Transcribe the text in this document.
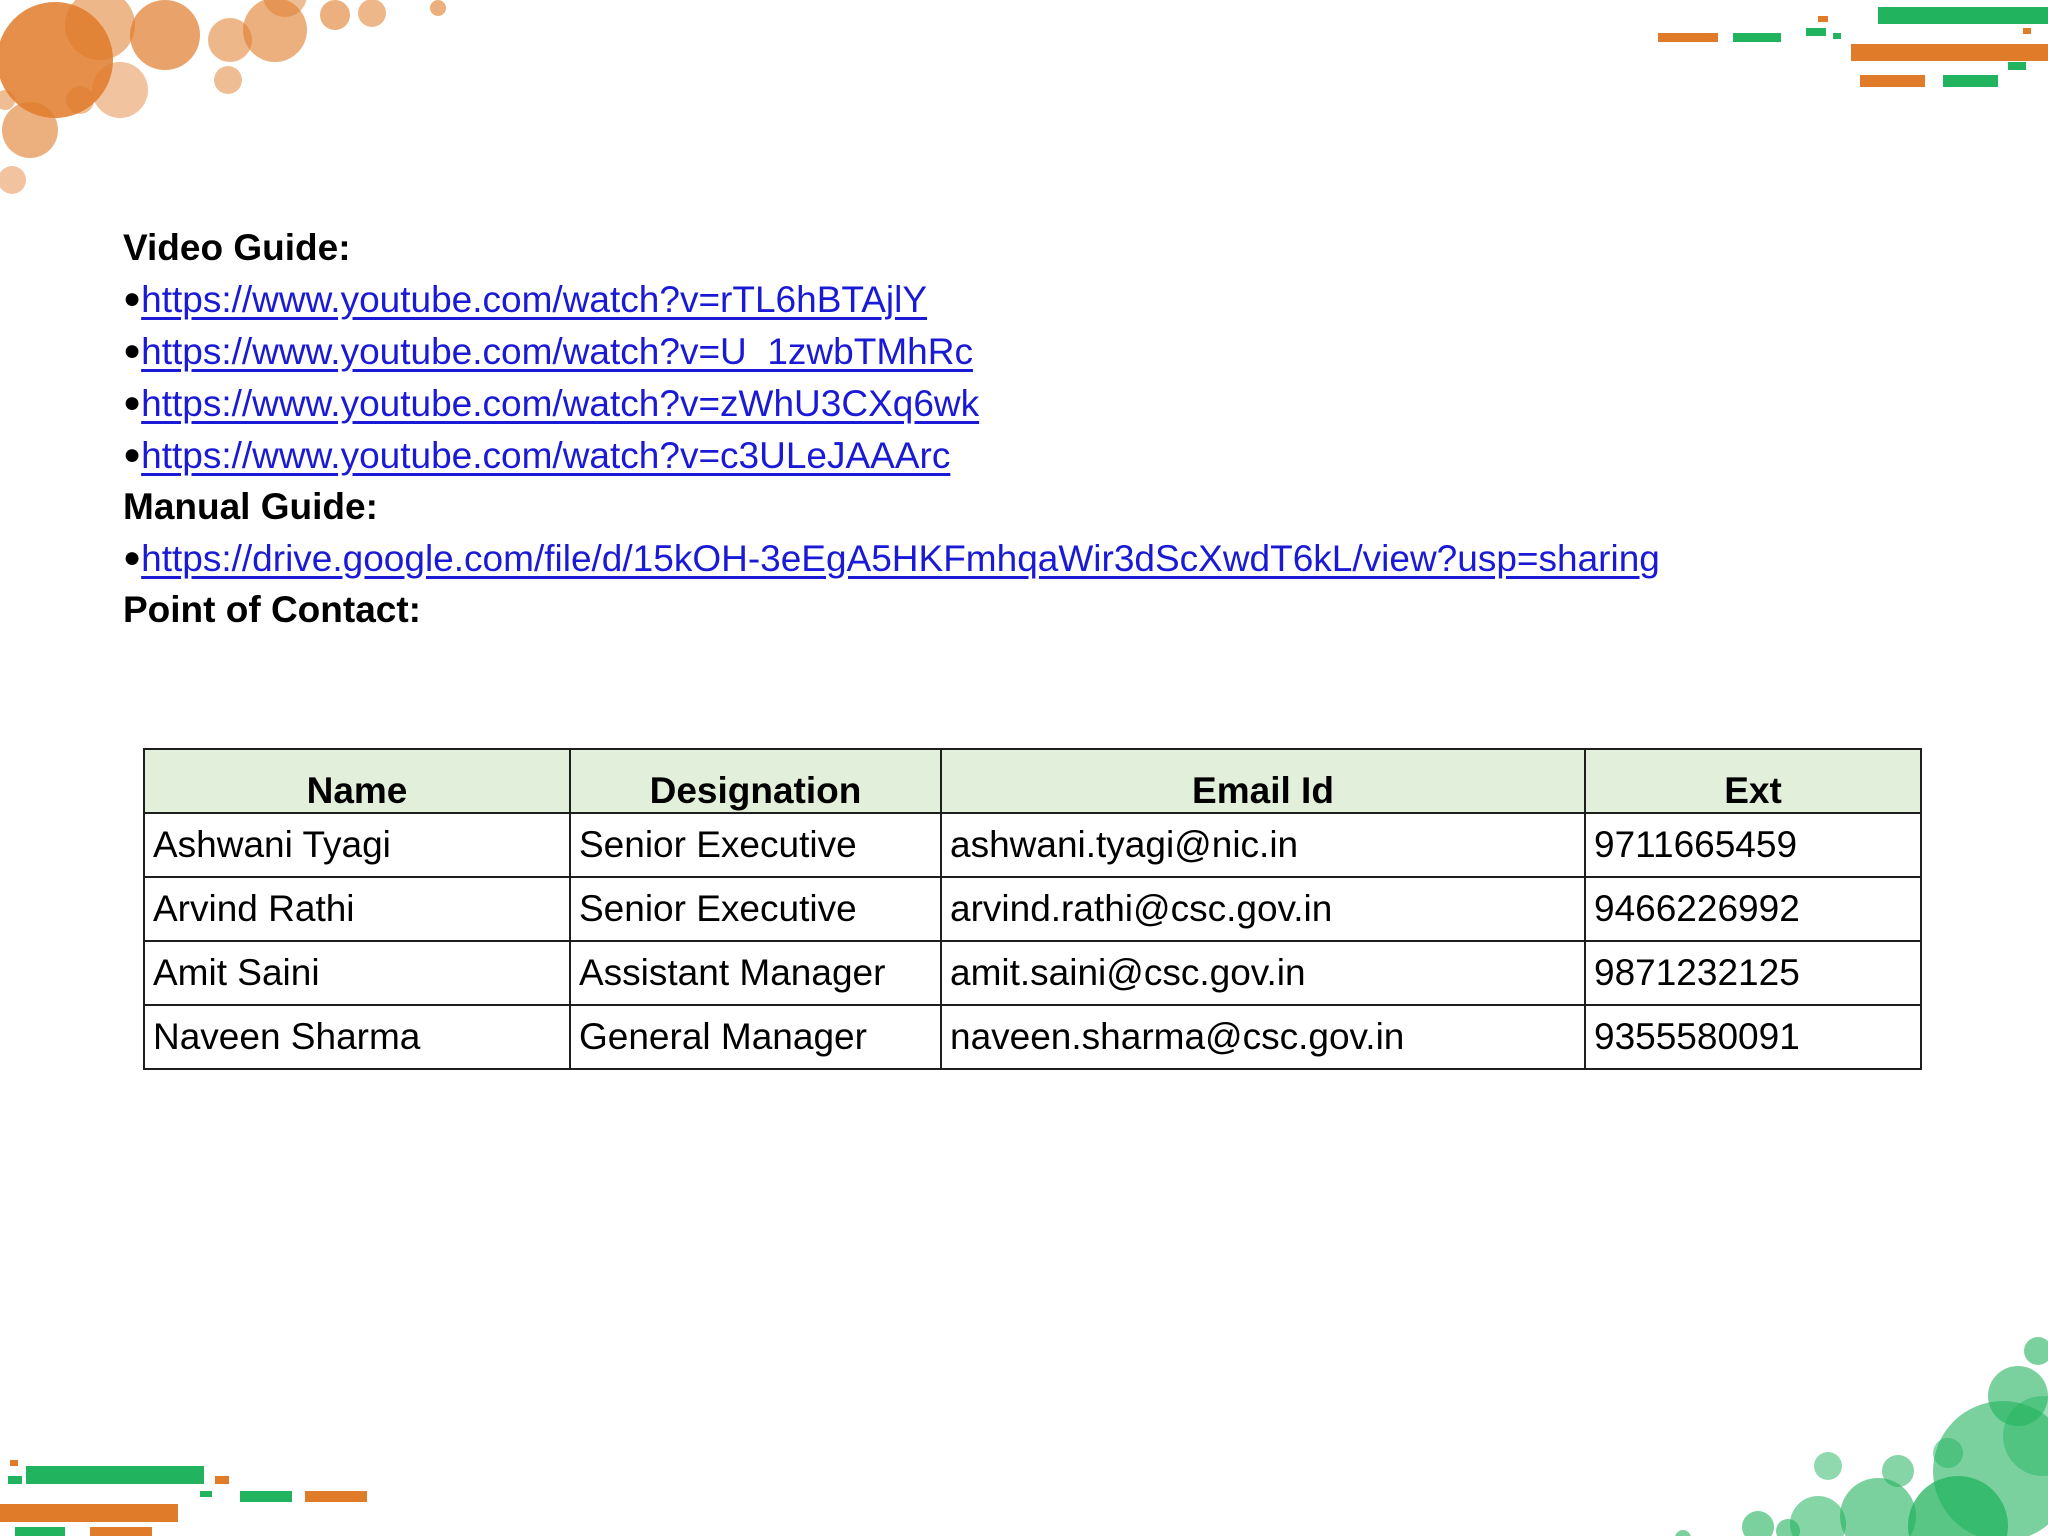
Video Guide:
●https://www.youtube.com/watch?v=rTL6hBTAjlY
●https://www.youtube.com/watch?v=U_1zwbTMhRc
●https://www.youtube.com/watch?v=zWhU3CXq6wk
●https://www.youtube.com/watch?v=c3ULeJAAArc
Manual Guide:
●https://drive.google.com/file/d/15kOH-3eEgA5HKFmhqaWir3dScXwdT6kL/view?usp=sharing
Point of Contact:
Name	Designation	Email Id	Ext
Ashwani Tyagi	Senior Executive	ashwani.tyagi@nic.in	9711665459
Arvind Rathi	Senior Executive	arvind.rathi@csc.gov.in	9466226992
Amit Saini	Assistant Manager	amit.saini@csc.gov.in	9871232125
Naveen Sharma	General Manager	naveen.sharma@csc.gov.in	9355580091
